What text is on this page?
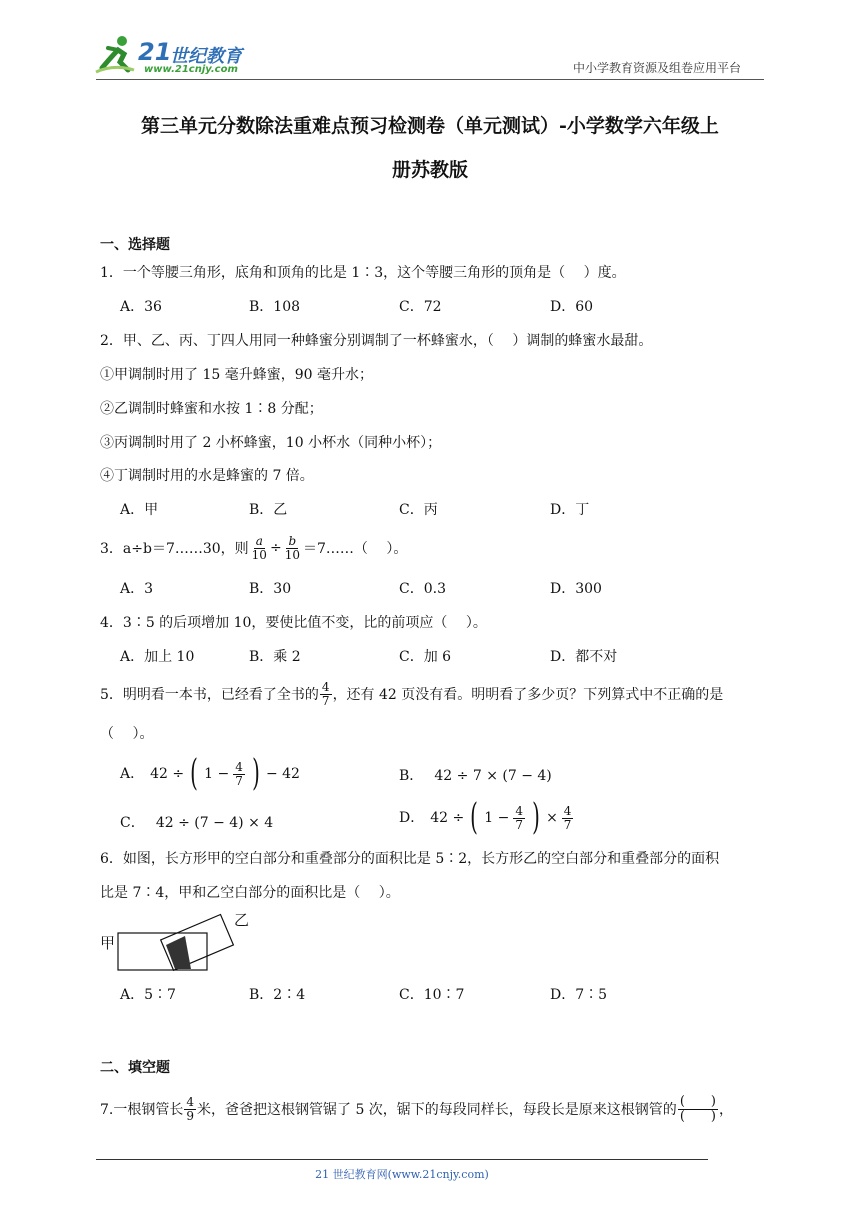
21
世纪教育
www.21cnjy.com	中小学教育资源及组卷应用平台
第三单元分数除法重难点预习检测卷（单元测试）-小学数学六年级上
册苏教版
一、选择题
1．一个等腰三角形，底角和顶角的比是 1∶3，这个等腰三角形的顶角是（　 ）度。
A．36	B．108	C．72	D．60
2．甲、乙、丙、丁四人用同一种蜂蜜分别调制了一杯蜂蜜水，（　 ）调制的蜂蜜水最甜。
①甲调制时用了 15 毫升蜂蜜，90 毫升水；
②乙调制时蜂蜜和水按 1∶8 分配；
③丙调制时用了 2 小杯蜂蜜，10 小杯水（同种小杯）；
④丁调制时用的水是蜂蜜的 7 倍。
A．甲	B．乙	C．丙	D．丁
3．a÷b＝7……30，则 $\frac{a}{10} \div \frac{b}{10}$ ＝7……（　 ）。
A．3	B．30	C．0.3	D．300
4．3∶5 的后项增加 10，要使比值不变，比的前项应（　 ）。
A．加上 10	B．乘 2	C．加 6	D．都不对
5．明明看一本书，已经看了全书的 $\frac{4}{7}$ ，还有 42 页没有看。明明看了多少页？下列算式中不正确的是
（　 ）。
A． 42 ÷ ( $1 - \frac{4}{7}$ ) − 42	B． 42 ÷ 7 × (7 − 4)
C． 42 ÷ (7 − 4) × 4	D． 42 ÷ ( $1 - \frac{4}{7}$ ) × $\frac{4}{7}$
6．如图，长方形甲的空白部分和重叠部分的面积比是 5∶2，长方形乙的空白部分和重叠部分的面积
比是 7∶4，甲和乙空白部分的面积比是（　 ）。
甲
乙
A．5∶7	B．2∶4	C．10∶7	D．7∶5
二、填空题
7.一根钢管长 $\frac{4}{9}$ 米，爸爸把这根钢管锯了 5 次，锯下的每段同样长，每段长是原来这根钢管的 $\frac{( )}{( )}$ ，
21 世纪教育网(www.21cnjy.com)
